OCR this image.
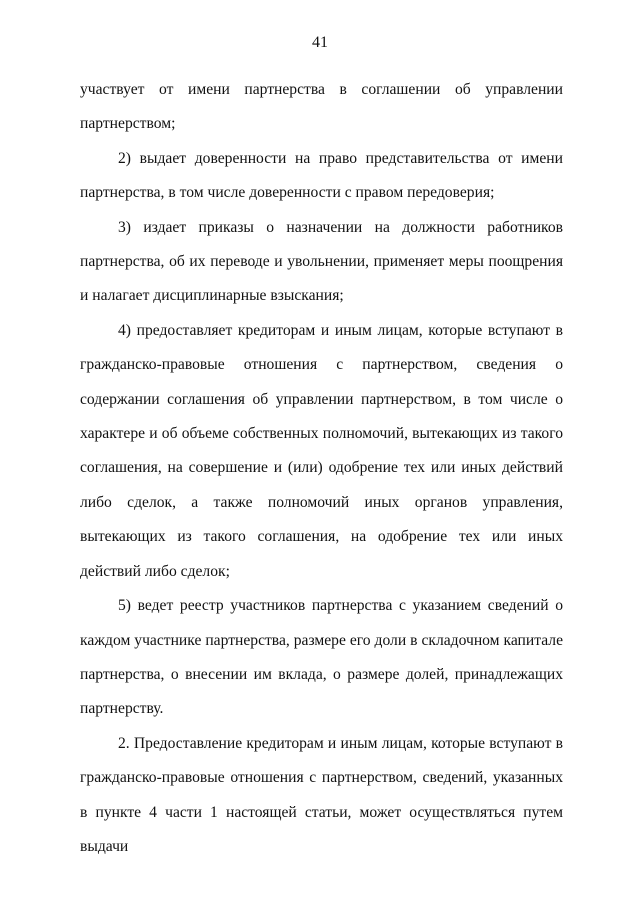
41

участвует от имени партнерства в соглашении об управлении партнерством;

2) выдает доверенности на право представительства от имени партнерства, в том числе доверенности с правом передоверия;

3) издает приказы о назначении на должности работников партнерства, об их переводе и увольнении, применяет меры поощрения и налагает дисциплинарные взыскания;

4) предоставляет кредиторам и иным лицам, которые вступают в гражданско-правовые отношения с партнерством, сведения о содержании соглашения об управлении партнерством, в том числе о характере и об объеме собственных полномочий, вытекающих из такого соглашения, на совершение и (или) одобрение тех или иных действий либо сделок, а также полномочий иных органов управления, вытекающих из такого соглашения, на одобрение тех или иных действий либо сделок;

5) ведет реестр участников партнерства с указанием сведений о каждом участнике партнерства, размере его доли в складочном капитале партнерства, о внесении им вклада, о размере долей, принадлежащих партнерству.

2. Предоставление кредиторам и иным лицам, которые вступают в гражданско-правовые отношения с партнерством, сведений, указанных в пункте 4 части 1 настоящей статьи, может осуществляться путем выдачи
